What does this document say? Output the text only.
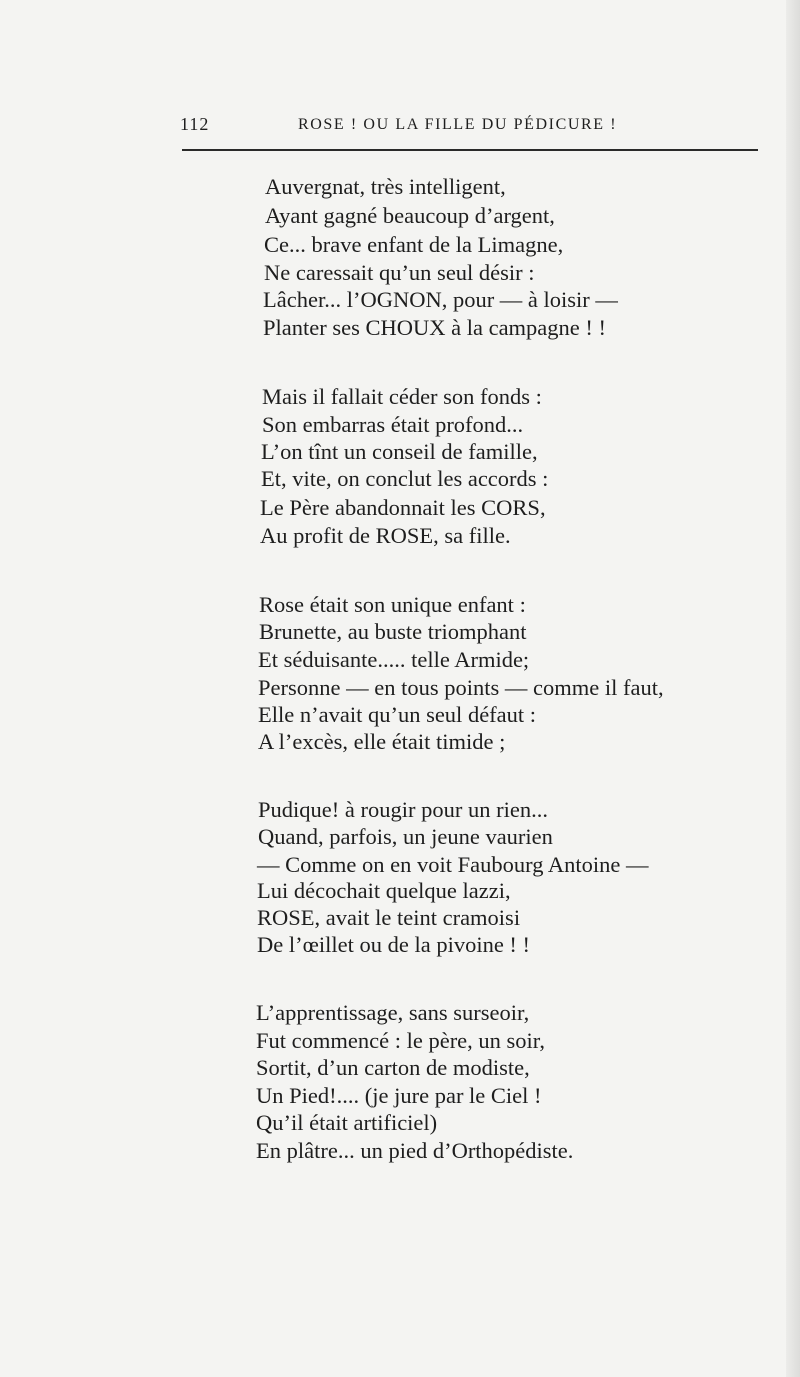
112	ROSE ! OU LA FILLE DU PÉDICURE !
Auvergnat, très intelligent,
Ayant gagné beaucoup d’argent,
Ce... brave enfant de la Limagne,
Ne caressait qu’un seul désir :
Lâcher... l’OGNON, pour — à loisir —
Planter ses CHOUX à la campagne ! !
Mais il fallait céder son fonds :
Son embarras était profond...
L’on tînt un conseil de famille,
Et, vite, on conclut les accords :
Le Père abandonnait les CORS,
Au profit de ROSE, sa fille.
Rose était son unique enfant :
Brunette, au buste triomphant
Et séduisante..... telle Armide;
Personne — en tous points — comme il faut,
Elle n’avait qu’un seul défaut :
A l’excès, elle était timide ;
Pudique! à rougir pour un rien...
Quand, parfois, un jeune vaurien
— Comme on en voit Faubourg Antoine —
Lui décochait quelque lazzi,
ROSE, avait le teint cramoisi
De l’œillet ou de la pivoine ! !
L’apprentissage, sans surseoir,
Fut commencé : le père, un soir,
Sortit, d’un carton de modiste,
Un Pied!.... (je jure par le Ciel !
Qu’il était artificiel)
En plâtre... un pied d’Orthopédiste.
